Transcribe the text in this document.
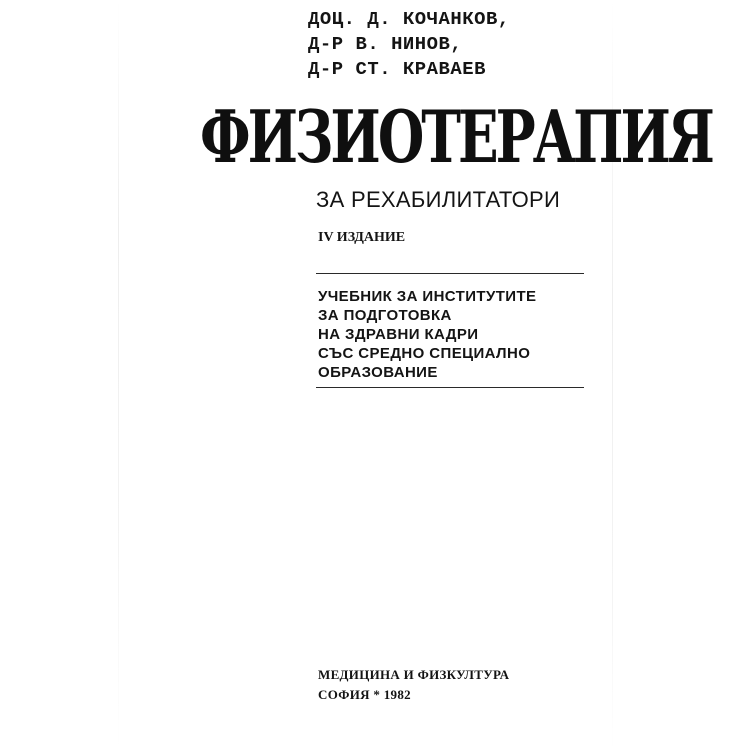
ДОЦ. Д. КОЧАНКОВ,
Д-Р В. НИНОВ,
Д-Р СТ. КРАВАЕВ
ФИЗИОТЕРАПИЯ
ЗА РЕХАБИЛИТАТОРИ
IV ИЗДАНИЕ
УЧЕБНИК ЗА ИНСТИТУТИТЕ
ЗА ПОДГОТОВКА
НА ЗДРАВНИ КАДРИ
СЪС СРЕДНО СПЕЦИАЛНО
ОБРАЗОВАНИЕ
МЕДИЦИНА И ФИЗКУЛТУРА
СОФИЯ * 1982
